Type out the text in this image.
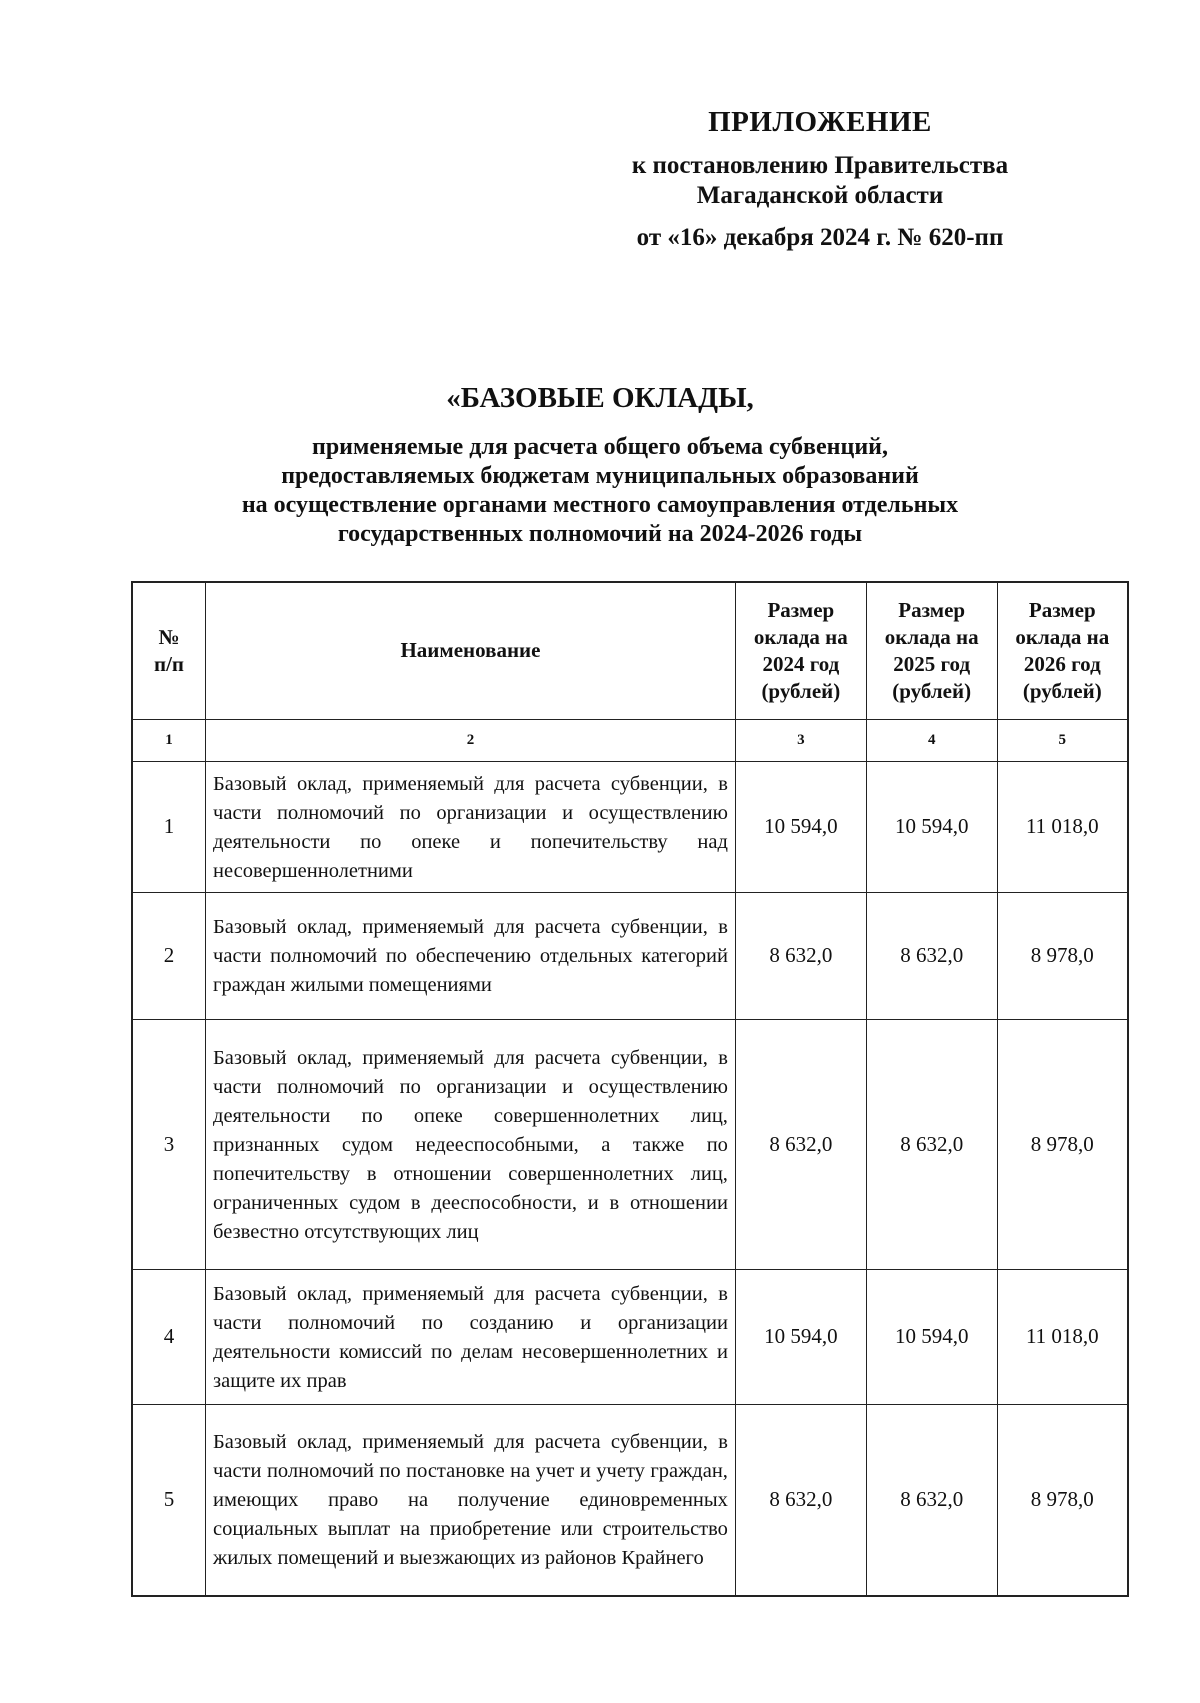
ПРИЛОЖЕНИЕ
к постановлению Правительства
Магаданской области
от «16» декабря 2024 г. № 620-пп
«БАЗОВЫЕ ОКЛАДЫ,
применяемые для расчета общего объема субвенций,
предоставляемых бюджетам муниципальных образований
на осуществление органами местного самоуправления отдельных
государственных полномочий на 2024-2026 годы
№ п/п	Наименование	Размер оклада на 2024 год (рублей)	Размер оклада на 2025 год (рублей)	Размер оклада на 2026 год (рублей)
1	2	3	4	5
1	Базовый оклад, применяемый для расчета субвенции, в части полномочий по организации и осуществлению деятельности по опеке и попечительству над несовершеннолетними	10 594,0	10 594,0	11 018,0
2	Базовый оклад, применяемый для расчета субвенции, в части полномочий по обеспечению отдельных категорий граждан жилыми помещениями	8 632,0	8 632,0	8 978,0
3	Базовый оклад, применяемый для расчета субвенции, в части полномочий по организации и осуществлению деятельности по опеке совершеннолетних лиц, признанных судом недееспособными, а также по попечительству в отношении совершеннолетних лиц, ограниченных судом в дееспособности, и в отношении безвестно отсутствующих лиц	8 632,0	8 632,0	8 978,0
4	Базовый оклад, применяемый для расчета субвенции, в части полномочий по созданию и организации деятельности комиссий по делам несовершеннолетних и защите их прав	10 594,0	10 594,0	11 018,0
5	Базовый оклад, применяемый для расчета субвенции, в части полномочий по постановке на учет и учету граждан, имеющих право на получение единовременных социальных выплат на приобретение или строительство жилых помещений и выезжающих из районов Крайнего	8 632,0	8 632,0	8 978,0
